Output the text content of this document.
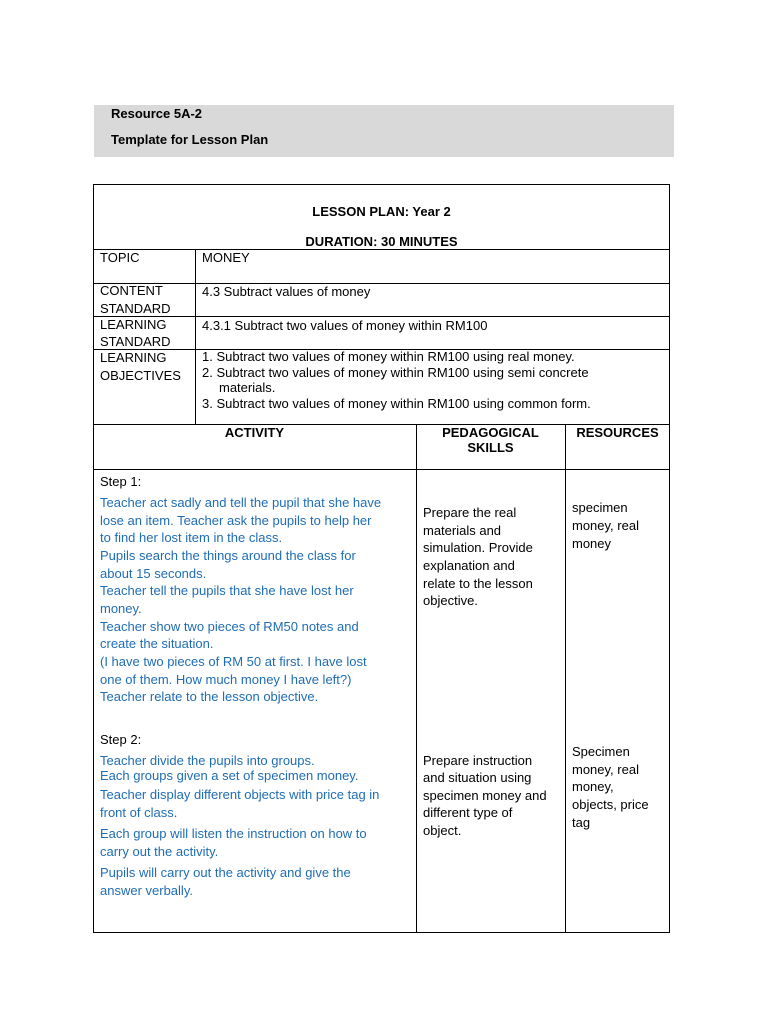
Resource 5A-2
Template for Lesson Plan
LESSON PLAN: Year 2
DURATION: 30 MINUTES
TOPIC	MONEY
CONTENT
STANDARD
4.3 Subtract values of money
LEARNING
STANDARD
4.3.1 Subtract two values of money within RM100
LEARNING
OBJECTIVES
1. Subtract two values of money within RM100 using real money.
2. Subtract two values of money within RM100 using semi concrete
materials.
3. Subtract two values of money within RM100 using common form.
ACTIVITY	PEDAGOGICAL
SKILLS
RESOURCES
Step 1:
Teacher act sadly and tell the pupil that she have
lose an item. Teacher ask the pupils to help her
to find her lost item in the class.
Pupils search the things around the class for
about 15 seconds.
Teacher tell the pupils that she have lost her
money.
Teacher show two pieces of RM50 notes and
create the situation.
(I have two pieces of RM 50 at first. I have lost
one of them. How much money I have left?)
Teacher relate to the lesson objective.
Prepare the real
materials and
simulation. Provide
explanation and
relate to the lesson
objective.
specimen
money, real
money
Step 2:
Teacher divide the pupils into groups.
Each groups given a set of specimen money.
Teacher display different objects with price tag in
front of class.
Each group will listen the instruction on how to
carry out the activity.
Pupils will carry out the activity and give the
answer verbally.
Prepare instruction
and situation using
specimen money and
different type of
object.
Specimen
money, real
money,
objects, price
tag
